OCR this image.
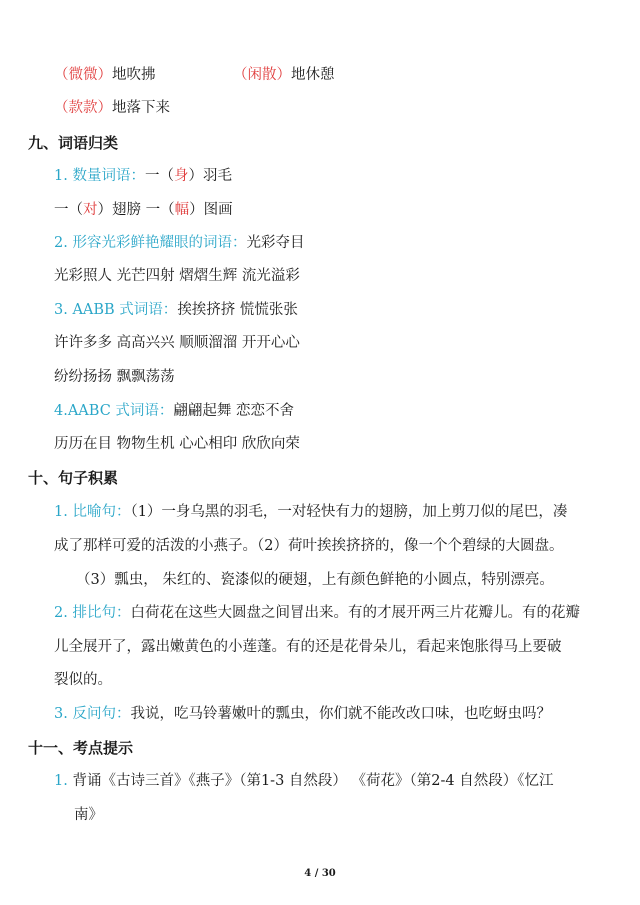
（微微）地吹拂	（闲散）地休憩
（款款）地落下来
九、词语归类
1. 数量词语：一（身）羽毛
一（对）翅膀 一（幅）图画
2. 形容光彩鲜艳耀眼的词语：光彩夺目
光彩照人 光芒四射 熠熠生辉 流光溢彩
3. AABB 式词语：挨挨挤挤 慌慌张张
许许多多 高高兴兴 顺顺溜溜 开开心心
纷纷扬扬 飘飘荡荡
4.AABC 式词语：翩翩起舞 恋恋不舍
历历在目 物物生机 心心相印 欣欣向荣
十、句子积累
1. 比喻句：（1）一身乌黑的羽毛，一对轻快有力的翅膀，加上剪刀似的尾巴，凑
成了那样可爱的活泼的小燕子。（2）荷叶挨挨挤挤的，像一个个碧绿的大圆盘。
（3）瓢虫， 朱红的、瓷漆似的硬翅，上有颜色鲜艳的小圆点，特别漂亮。
2. 排比句：白荷花在这些大圆盘之间冒出来。有的才展开两三片花瓣儿。有的花瓣
儿全展开了，露出嫩黄色的小莲蓬。有的还是花骨朵儿，看起来饱胀得马上要破
裂似的。
3. 反问句：我说，吃马铃薯嫩叶的瓢虫，你们就不能改改口味，也吃蚜虫吗？
十一、考点提示
1. 背诵《古诗三首》《燕子》（第1-3 自然段） 《荷花》（第2-4 自然段）《忆江
南》
4 / 30
